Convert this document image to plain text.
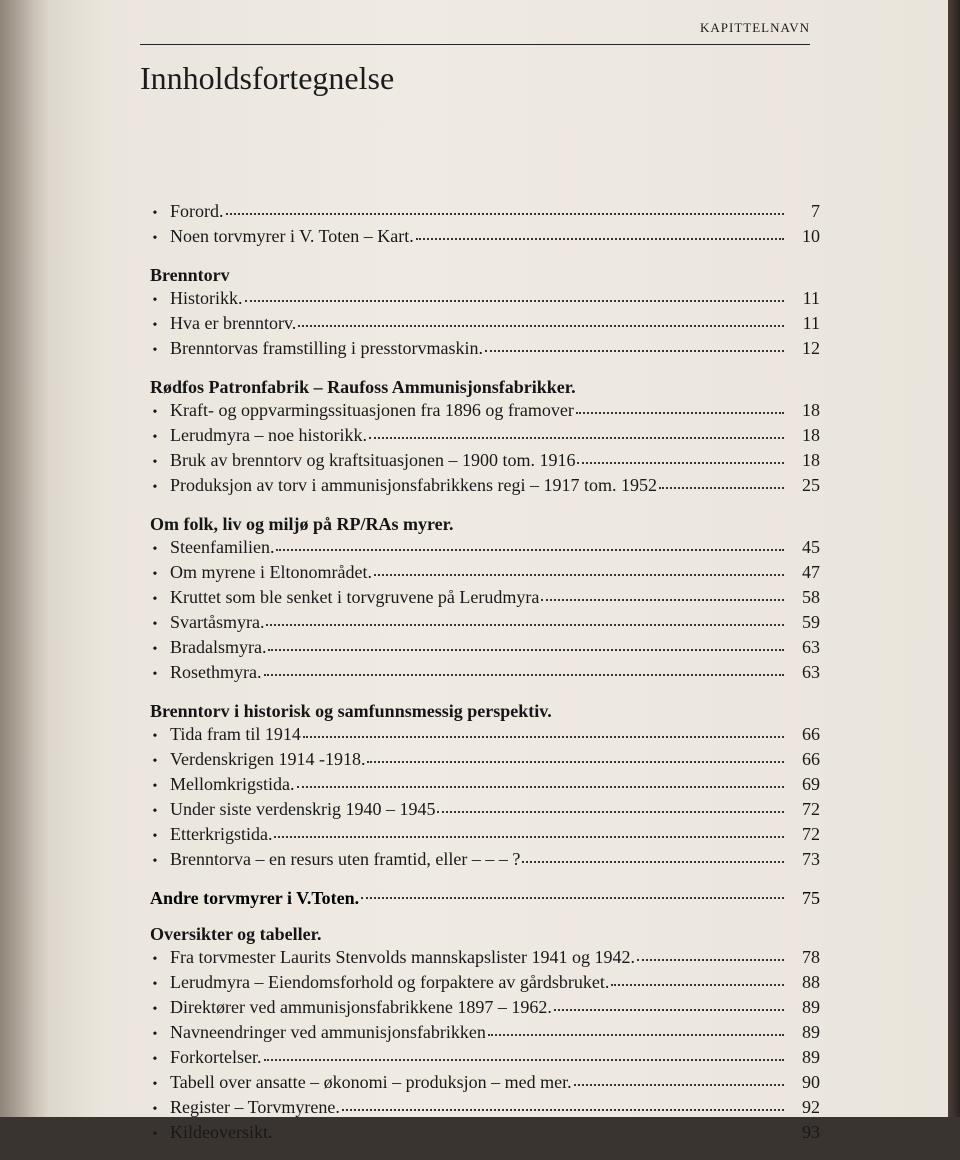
KAPITTELNAVN
Innholdsfortegnelse
• Forord.	7
• Noen torvmyrer i V. Toten – Kart.	10
Brenntorv
• Historikk.	11
• Hva er brenntorv.	11
• Brenntorvas framstilling i presstorvmaskin.	12
Rødfos Patronfabrik – Raufoss Ammunisjonsfabrikker.
• Kraft- og oppvarmingssituasjonen fra 1896 og framover	18
• Lerudmyra – noe historikk.	18
• Bruk av brenntorv og kraftsituasjonen – 1900 tom. 1916	18
• Produksjon av torv i ammunisjonsfabrikkens regi – 1917 tom. 1952	25
Om folk, liv og miljø på RP/RAs myrer.
• Steenfamilien.	45
• Om myrene i Eltonområdet.	47
• Kruttet som ble senket i torvgruvene på Lerudmyra	58
• Svartåsmyra.	59
• Bradalsmyra.	63
• Rosethmyra.	63
Brenntorv i historisk og samfunnsmessig perspektiv.
• Tida fram til 1914	66
• Verdenskrigen 1914 -1918.	66
• Mellomkrigstida.	69
• Under siste verdenskrig 1940 – 1945	72
• Etterkrigstida.	72
• Brenntorva – en resurs uten framtid, eller – – – ?	73
Andre torvmyrer i V.Toten.	75
Oversikter og tabeller.
• Fra torvmester Laurits Stenvolds mannskapslister 1941 og 1942.	78
• Lerudmyra – Eiendomsforhold og forpaktere av gårdsbruket.	88
• Direktører ved ammunisjonsfabrikkene 1897 – 1962.	89
• Navneendringer ved ammunisjonsfabrikken	89
• Forkortelser.	89
• Tabell over ansatte – økonomi – produksjon – med mer.	90
• Register – Torvmyrene.	92
• Kildeoversikt.	93
